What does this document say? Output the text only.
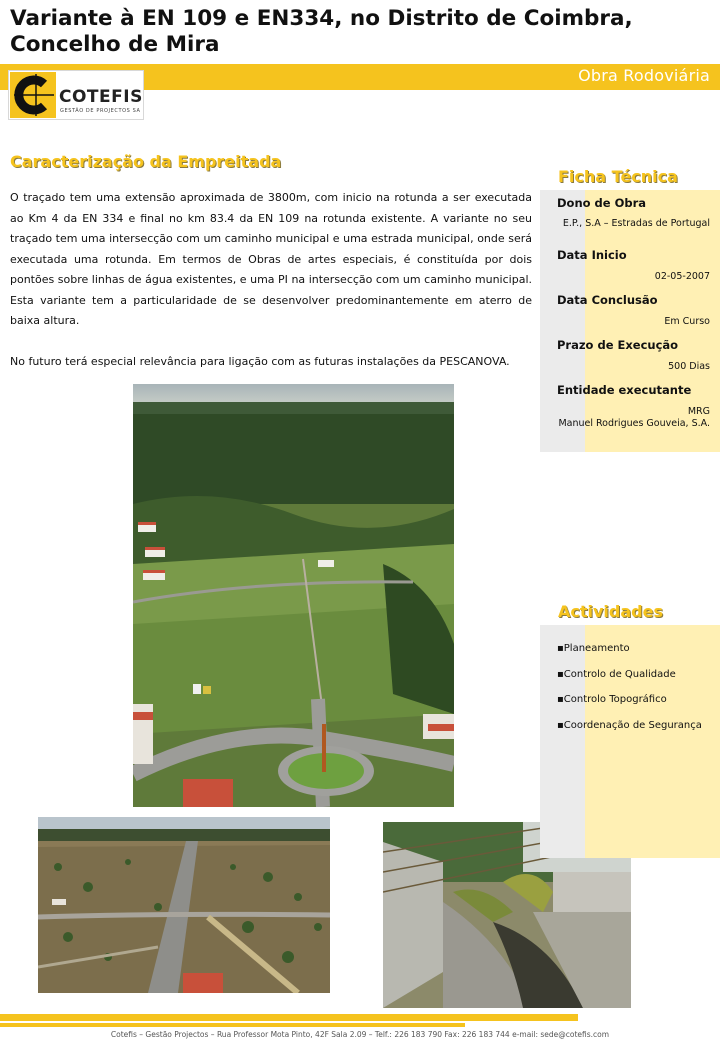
Variante à EN 109 e EN334, no Distrito de Coimbra, Concelho de Mira
Obra Rodoviária
COTEFIS
GESTÃO DE PROJECTOS SA
Caracterização da Empreitada

O traçado tem uma extensão aproximada de 3800m, com inicio na rotunda a ser executada ao Km 4 da EN 334 e final no km 83.4 da EN 109 na rotunda existente. A variante no seu traçado tem uma intersecção com um caminho municipal e uma estrada municipal, onde será executada uma rotunda. Em termos de Obras de artes especiais, é constituída por dois pontões sobre linhas de água existentes, e uma PI na intersecção com um caminho municipal. Esta variante tem a particularidade de se desenvolver predominantemente em aterro de baixa altura.

No futuro terá especial relevância para ligação com as futuras instalações da PESCANOVA.

Dono de Obra
E.P., S.A – Estradas de Portugal
Data Inicio
02-05-2007
Data Conclusão
Em Curso
Prazo de Execução
500 Dias
Entidade executante
MRG
Manuel Rodrigues Gouveia, S.A.
Ficha Técnica
▪Planeamento
▪Controlo de Qualidade
▪Controlo Topográfico
▪Coordenação de Segurança
Actividades
Cotefis – Gestão Projectos – Rua Professor Mota Pinto, 42F Sala 2.09 – Telf.: 226 183 790 Fax: 226 183 744 e-mail: sede@cotefis.com
